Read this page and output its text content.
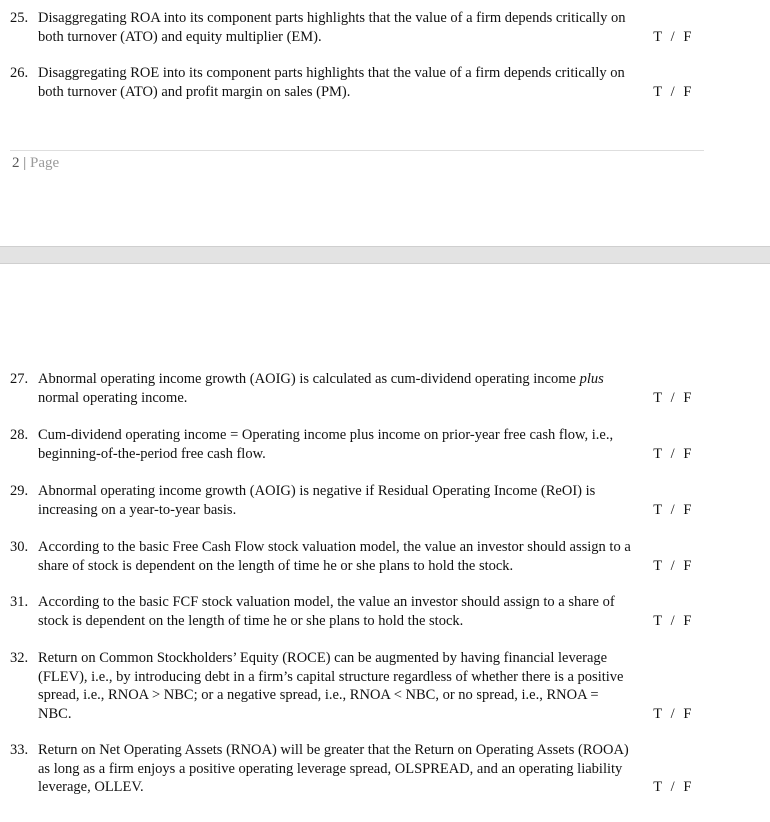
25. Disaggregating ROA into its component parts highlights that the value of a firm depends critically on
both turnover (ATO) and equity multiplier (EM).	T  /  F
26. Disaggregating ROE into its component parts highlights that the value of a firm depends critically on
both turnover (ATO) and profit margin on sales (PM).	T  /  F
2 | Page
27. Abnormal operating income growth (AOIG) is calculated as cum-dividend operating income plus
normal operating income.	T  /  F
28. Cum-dividend operating income = Operating income plus income on prior-year free cash flow, i.e.,
beginning-of-the-period free cash flow.	T  /  F
29. Abnormal operating income growth (AOIG) is negative if Residual Operating Income (ReOI) is
increasing on a year-to-year basis.	T  /  F
30. According to the basic Free Cash Flow stock valuation model, the value an investor should assign to a
share of stock is dependent on the length of time he or she plans to hold the stock.	T  /  F
31. According to the basic FCF stock valuation model, the value an investor should assign to a share of
stock is dependent on the length of time he or she plans to hold the stock.	T  /  F
32. Return on Common Stockholders’ Equity (ROCE) can be augmented by having financial leverage
(FLEV), i.e., by introducing debt in a firm’s capital structure regardless of whether there is a positive
spread, i.e., RNOA > NBC; or a negative spread, i.e., RNOA < NBC, or no spread, i.e., RNOA =
NBC.	T  /  F
33. Return on Net Operating Assets (RNOA) will be greater that the Return on Operating Assets (ROOA)
as long as a firm enjoys a positive operating leverage spread, OLSPREAD, and an operating liability
leverage, OLLEV.	T  /  F
